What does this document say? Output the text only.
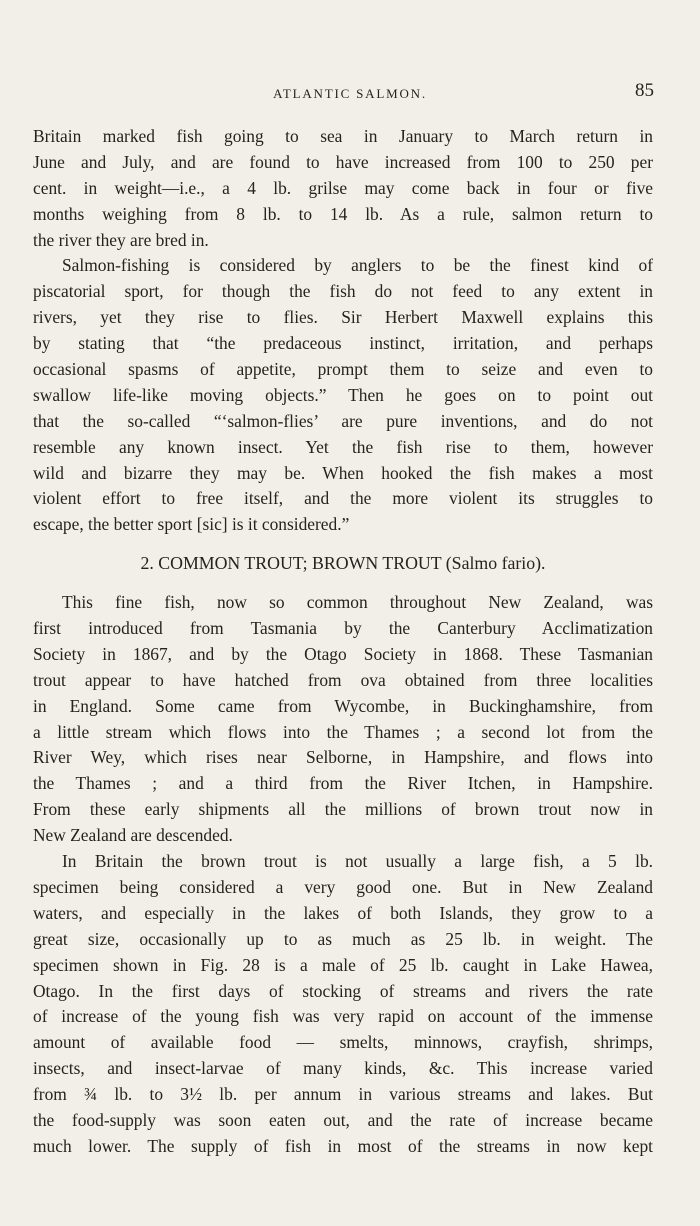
ATLANTIC SALMON.	85
Britain marked fish going to sea in January to March return in
June and July, and are found to have increased from 100 to 250 per
cent. in weight—i.e., a 4 lb. grilse may come back in four or five
months weighing from 8 lb. to 14 lb. As a rule, salmon return to
the river they are bred in.
Salmon-fishing is considered by anglers to be the finest kind of
piscatorial sport, for though the fish do not feed to any extent in
rivers, yet they rise to flies. Sir Herbert Maxwell explains this
by stating that “the predaceous instinct, irritation, and perhaps
occasional spasms of appetite, prompt them to seize and even to
swallow life-like moving objects.” Then he goes on to point out
that the so-called “‘salmon-flies’ are pure inventions, and do not
resemble any known insect. Yet the fish rise to them, however
wild and bizarre they may be. When hooked the fish makes a most
violent effort to free itself, and the more violent its struggles to
escape, the better sport [sic] is it considered.”
2. COMMON TROUT; BROWN TROUT (Salmo fario).
This fine fish, now so common throughout New Zealand, was
first introduced from Tasmania by the Canterbury Acclimatization
Society in 1867, and by the Otago Society in 1868. These Tasmanian
trout appear to have hatched from ova obtained from three localities
in England. Some came from Wycombe, in Buckinghamshire, from
a little stream which flows into the Thames ; a second lot from the
River Wey, which rises near Selborne, in Hampshire, and flows into
the Thames ; and a third from the River Itchen, in Hampshire.
From these early shipments all the millions of brown trout now in
New Zealand are descended.
In Britain the brown trout is not usually a large fish, a 5 lb.
specimen being considered a very good one. But in New Zealand
waters, and especially in the lakes of both Islands, they grow to a
great size, occasionally up to as much as 25 lb. in weight. The
specimen shown in Fig. 28 is a male of 25 lb. caught in Lake Hawea,
Otago. In the first days of stocking of streams and rivers the rate
of increase of the young fish was very rapid on account of the immense
amount of available food — smelts, minnows, crayfish, shrimps,
insects, and insect-larvae of many kinds, &c. This increase varied
from ¾ lb. to 3½ lb. per annum in various streams and lakes. But
the food-supply was soon eaten out, and the rate of increase became
much lower. The supply of fish in most of the streams in now kept
